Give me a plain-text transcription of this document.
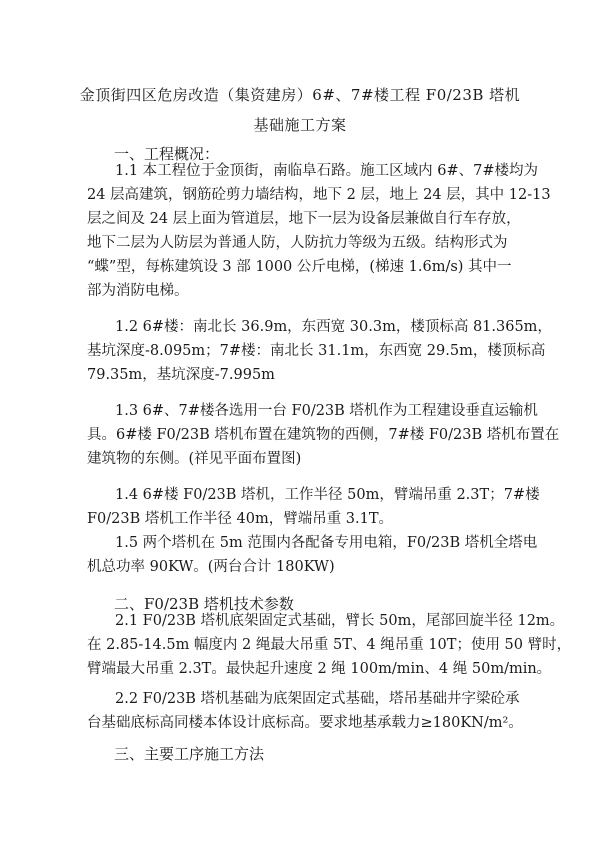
金顶街四区危房改造（集资建房）6#、7#楼工程 F0/23B 塔机
基础施工方案
一、工程概况：
1.1 本工程位于金顶街，南临阜石路。施工区域内 6#、7#楼均为
24 层高建筑，钢筋砼剪力墙结构，地下 2 层，地上 24 层，其中 12-13
层之间及 24 层上面为管道层，地下一层为设备层兼做自行车存放，
地下二层为人防层为普通人防，人防抗力等级为五级。结构形式为
“蝶”型，每栋建筑设 3 部 1000 公斤电梯，(梯速 1.6m/s) 其中一
部为消防电梯。
1.2 6#楼：南北长 36.9m，东西宽 30.3m，楼顶标高 81.365m，
基坑深度-8.095m；7#楼：南北长 31.1m，东西宽 29.5m，楼顶标高
79.35m，基坑深度-7.995m
1.3 6#、7#楼各选用一台 F0/23B 塔机作为工程建设垂直运输机
具。6#楼 F0/23B 塔机布置在建筑物的西侧，7#楼 F0/23B 塔机布置在
建筑物的东侧。(祥见平面布置图)
1.4 6#楼 F0/23B 塔机，工作半径 50m，臂端吊重 2.3T；7#楼
F0/23B 塔机工作半径 40m，臂端吊重 3.1T。
1.5 两个塔机在 5m 范围内各配备专用电箱，F0/23B 塔机全塔电
机总功率 90KW。(两台合计 180KW)
二、F0/23B 塔机技术参数
2.1 F0/23B 塔机底架固定式基础，臂长 50m，尾部回旋半径 12m。
在 2.85-14.5m 幅度内 2 绳最大吊重 5T、4 绳吊重 10T；使用 50 臂时，
臂端最大吊重 2.3T。最快起升速度 2 绳 100m/min、4 绳 50m/min。
2.2 F0/23B 塔机基础为底架固定式基础，塔吊基础井字梁砼承
台基础底标高同楼本体设计底标高。要求地基承载力≥180KN/m²。
三、主要工序施工方法
